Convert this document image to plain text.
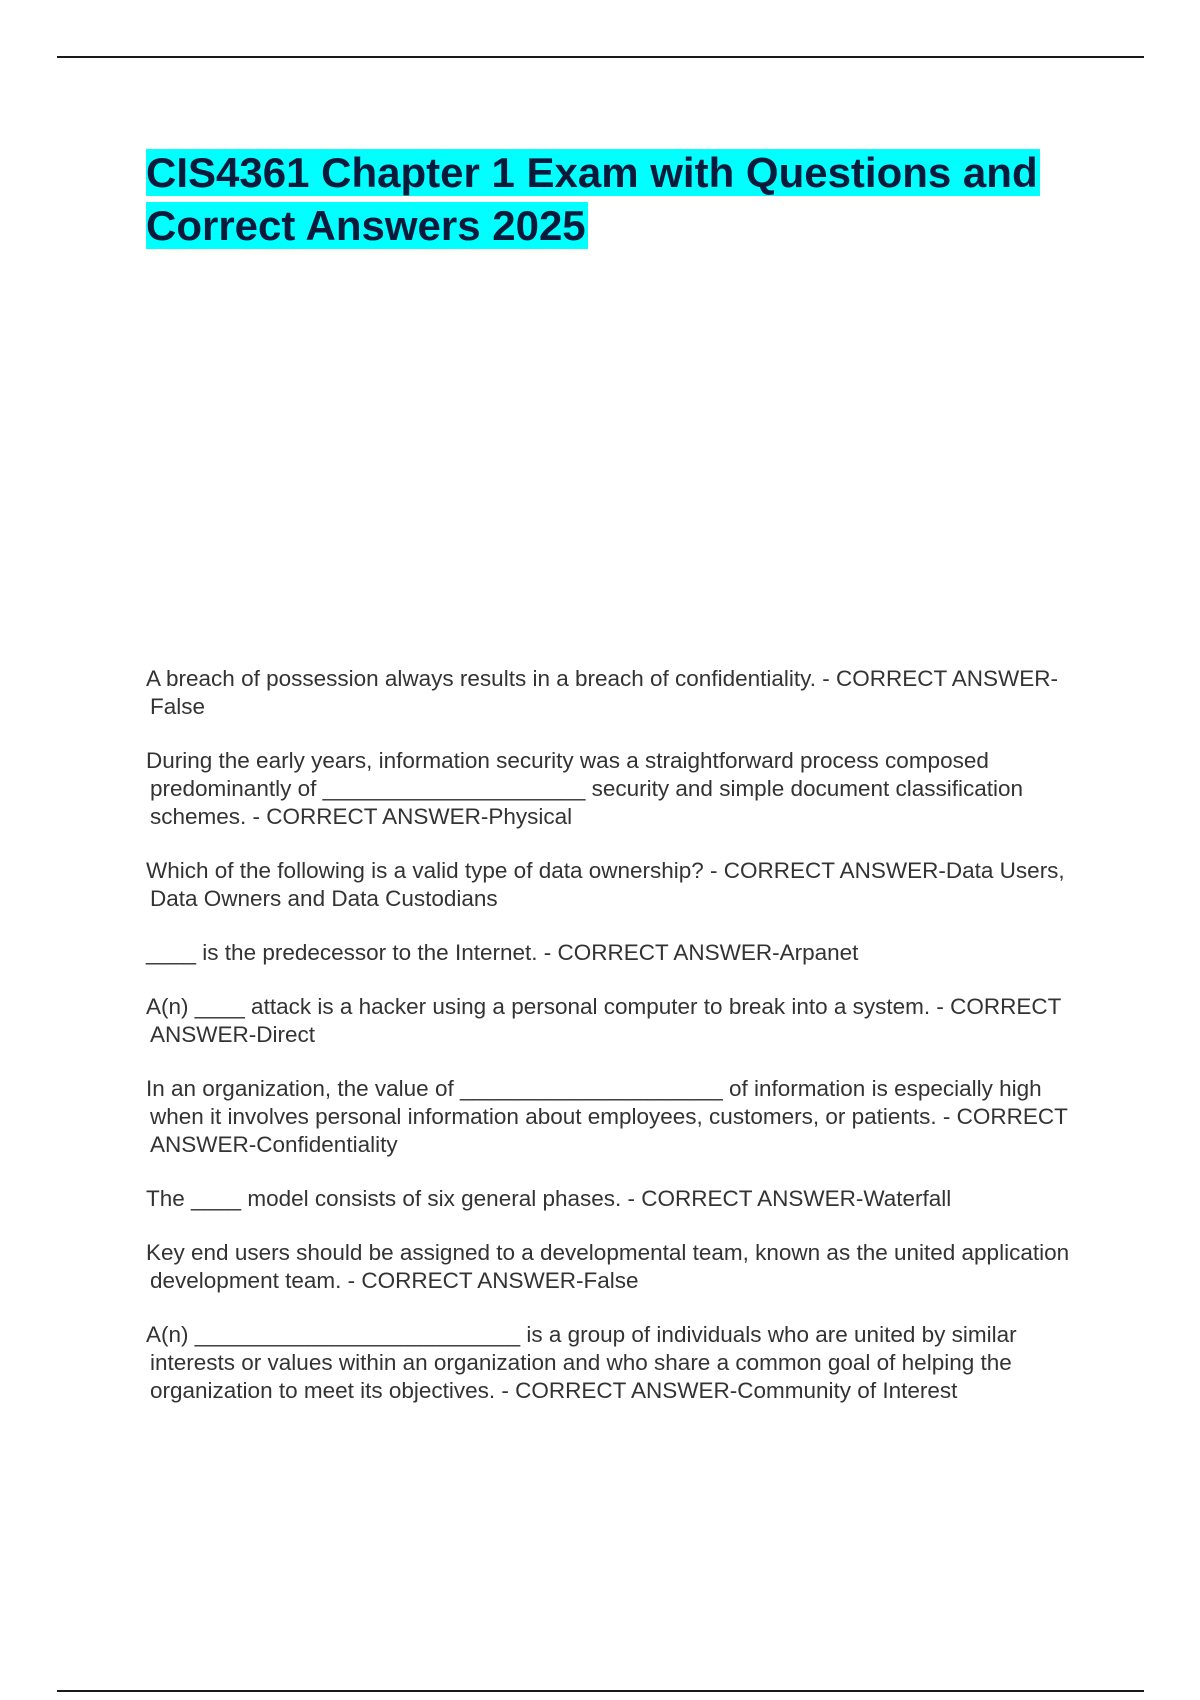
CIS4361 Chapter 1 Exam with Questions and Correct Answers 2025

A breach of possession always results in a breach of confidentiality. - CORRECT ANSWER-False

During the early years, information security was a straightforward process composed predominantly of _____________________ security and simple document classification schemes. - CORRECT ANSWER-Physical

Which of the following is a valid type of data ownership? - CORRECT ANSWER-Data Users, Data Owners and Data Custodians

____ is the predecessor to the Internet. - CORRECT ANSWER-Arpanet

A(n) ____ attack is a hacker using a personal computer to break into a system. - CORRECT ANSWER-Direct

In an organization, the value of _____________________ of information is especially high when it involves personal information about employees, customers, or patients. - CORRECT ANSWER-Confidentiality

The ____ model consists of six general phases. - CORRECT ANSWER-Waterfall

Key end users should be assigned to a developmental team, known as the united application development team. - CORRECT ANSWER-False

A(n) __________________________ is a group of individuals who are united by similar interests or values within an organization and who share a common goal of helping the organization to meet its objectives. - CORRECT ANSWER-Community of Interest
